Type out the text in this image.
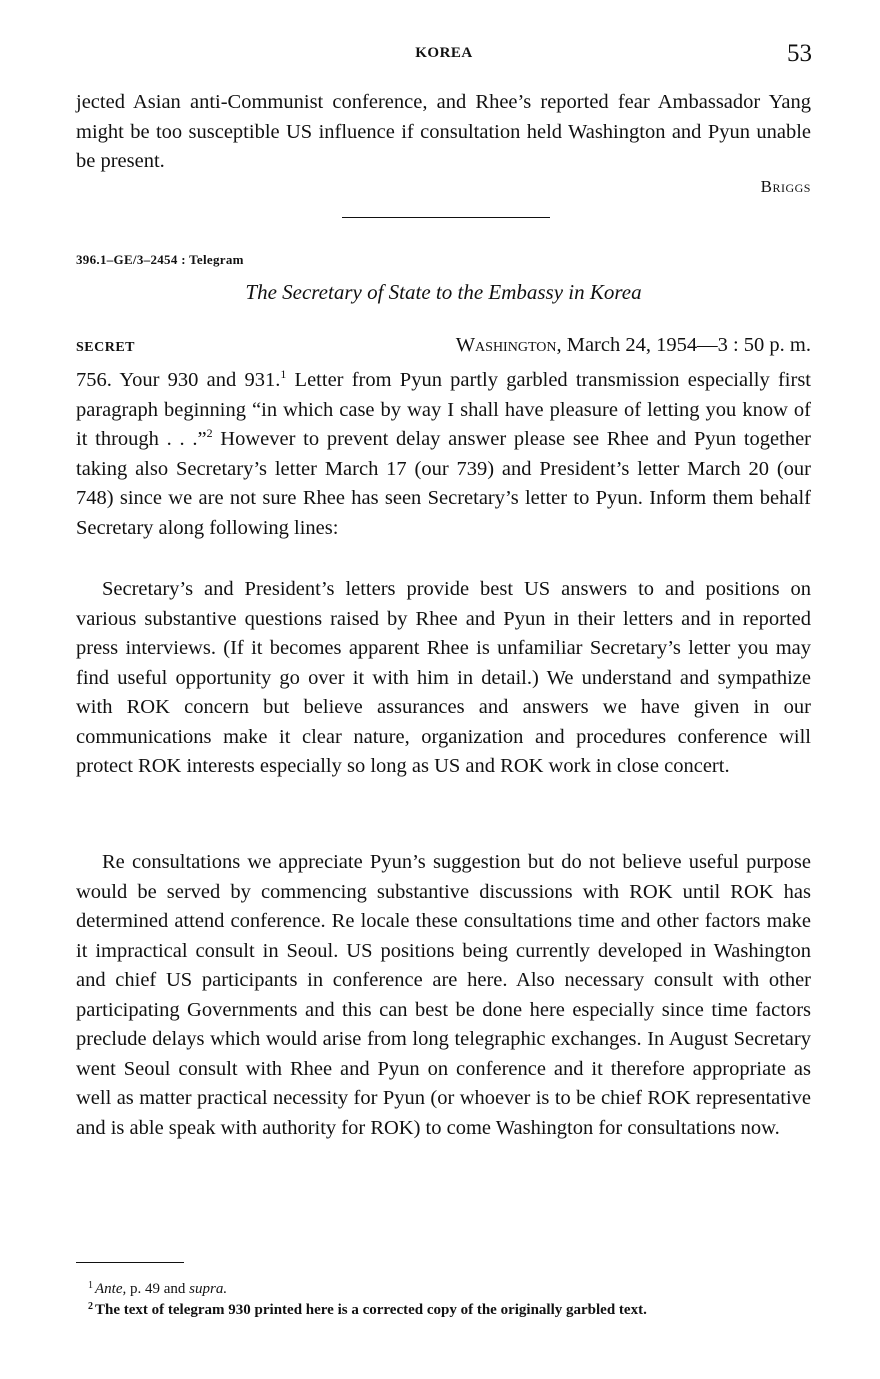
KOREA	53

jected Asian anti-Communist conference, and Rhee’s reported fear Ambassador Yang might be too susceptible US influence if consultation held Washington and Pyun unable be present.

Briggs
396.1–GE/3–2454 : Telegram
The Secretary of State to the Embassy in Korea
SECRET	Washington, March 24, 1954—3 : 50 p. m.

756. Your 930 and 931.$^1$ Letter from Pyun partly garbled transmission especially first paragraph beginning “in which case by way I shall have pleasure of letting you know of it through . . .”$^2$ However to prevent delay answer please see Rhee and Pyun together taking also Secretary’s letter March 17 (our 739) and President’s letter March 20 (our 748) since we are not sure Rhee has seen Secretary’s letter to Pyun. Inform them behalf Secretary along following lines:

Secretary’s and President’s letters provide best US answers to and positions on various substantive questions raised by Rhee and Pyun in their letters and in reported press interviews. (If it becomes apparent Rhee is unfamiliar Secretary’s letter you may find useful opportunity go over it with him in detail.) We understand and sympathize with ROK concern but believe assurances and answers we have given in our communications make it clear nature, organization and procedures conference will protect ROK interests especially so long as US and ROK work in close concert.

Re consultations we appreciate Pyun’s suggestion but do not believe useful purpose would be served by commencing substantive discussions with ROK until ROK has determined attend conference. Re locale these consultations time and other factors make it impractical consult in Seoul. US positions being currently developed in Washington and chief US participants in conference are here. Also necessary consult with other participating Governments and this can best be done here especially since time factors preclude delays which would arise from long telegraphic exchanges. In August Secretary went Seoul consult with Rhee and Pyun on conference and it therefore appropriate as well as matter practical necessity for Pyun (or whoever is to be chief ROK representative and is able speak with authority for ROK) to come Washington for consultations now.

$^1$ Ante, p. 49 and supra.

$^2$ The text of telegram 930 printed here is a corrected copy of the originally garbled text.
